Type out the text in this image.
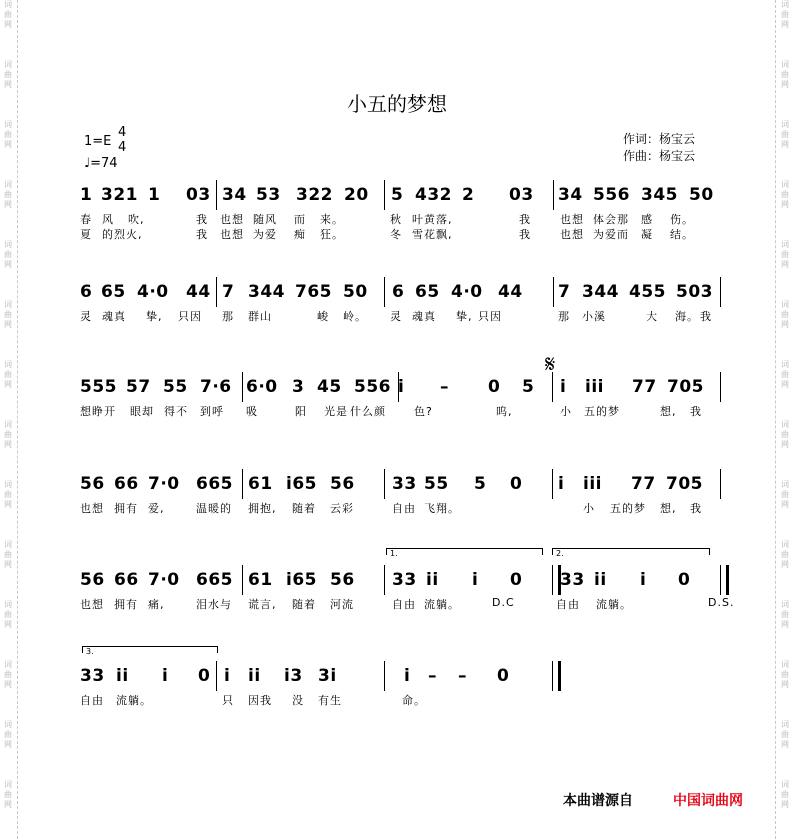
词
曲
网
词
曲
网
词
曲
网
词
曲
网
词
曲
网
词
曲
网
词
曲
网
词
曲
网
词
曲
网
词
曲
网
词
曲
网
词
曲
网
词
曲
网
词
曲
网
词
曲
网
词
曲
网
词
曲
网
词
曲
网
词
曲
网
词
曲
网
词
曲
网
词
曲
网
词
曲
网
词
曲
网
词
曲
网
词
曲
网
词
曲
网
词
曲
网
小五的梦想
1=E
4
4
♩=74
作词：杨宝云
作曲：杨宝云
1 321 1 03 34 53 322 20 5 432 2 03 34 556 345 50
春 风 吹,	我 也想 随风 而 来。	秋 叶黄落,	我	也想 体会那 感 伤。
夏 的烈火,	我 也想 为爱 痴 狂。	冬 雪花飘,	我	也想 为爱而 凝 结。
6 65 4·0 44 7 344 765 50 6 65 4·0 44 7 344 455 503
灵 魂真 挚, 只因 那 群山	峻 岭。 灵 魂真 挚, 只因	那 小溪	大 海。 我
555 57 55 7·6 6·0 3 45 556 i – 0 5 i iii 77 705
想睁开 眼却 得不 到呼 吸	阳 光是 什么颜	色?	呜,	小 五的梦	想, 我
56 66 7·0 665 61 i65 56 33 55 5 0 i iii 77 705
也想 拥有 爱,	温暖的 拥抱, 随着 云彩	自由 飞翔。	小 五的梦 想, 我
56 66 7·0 665 61 i65 56 33 ii i 0 33 ii i 0
也想 拥有 痛,	泪水与 谎言, 随着 河流	自由 流躺。	D.C	自由 流躺。	D.S.
33 ii i 0 i ii i3 3i	i – – 0
自由 流躺。	只 因我 没 有生	命。
𝄋
1.	2.
3.
本曲谱源自	中国词曲网
